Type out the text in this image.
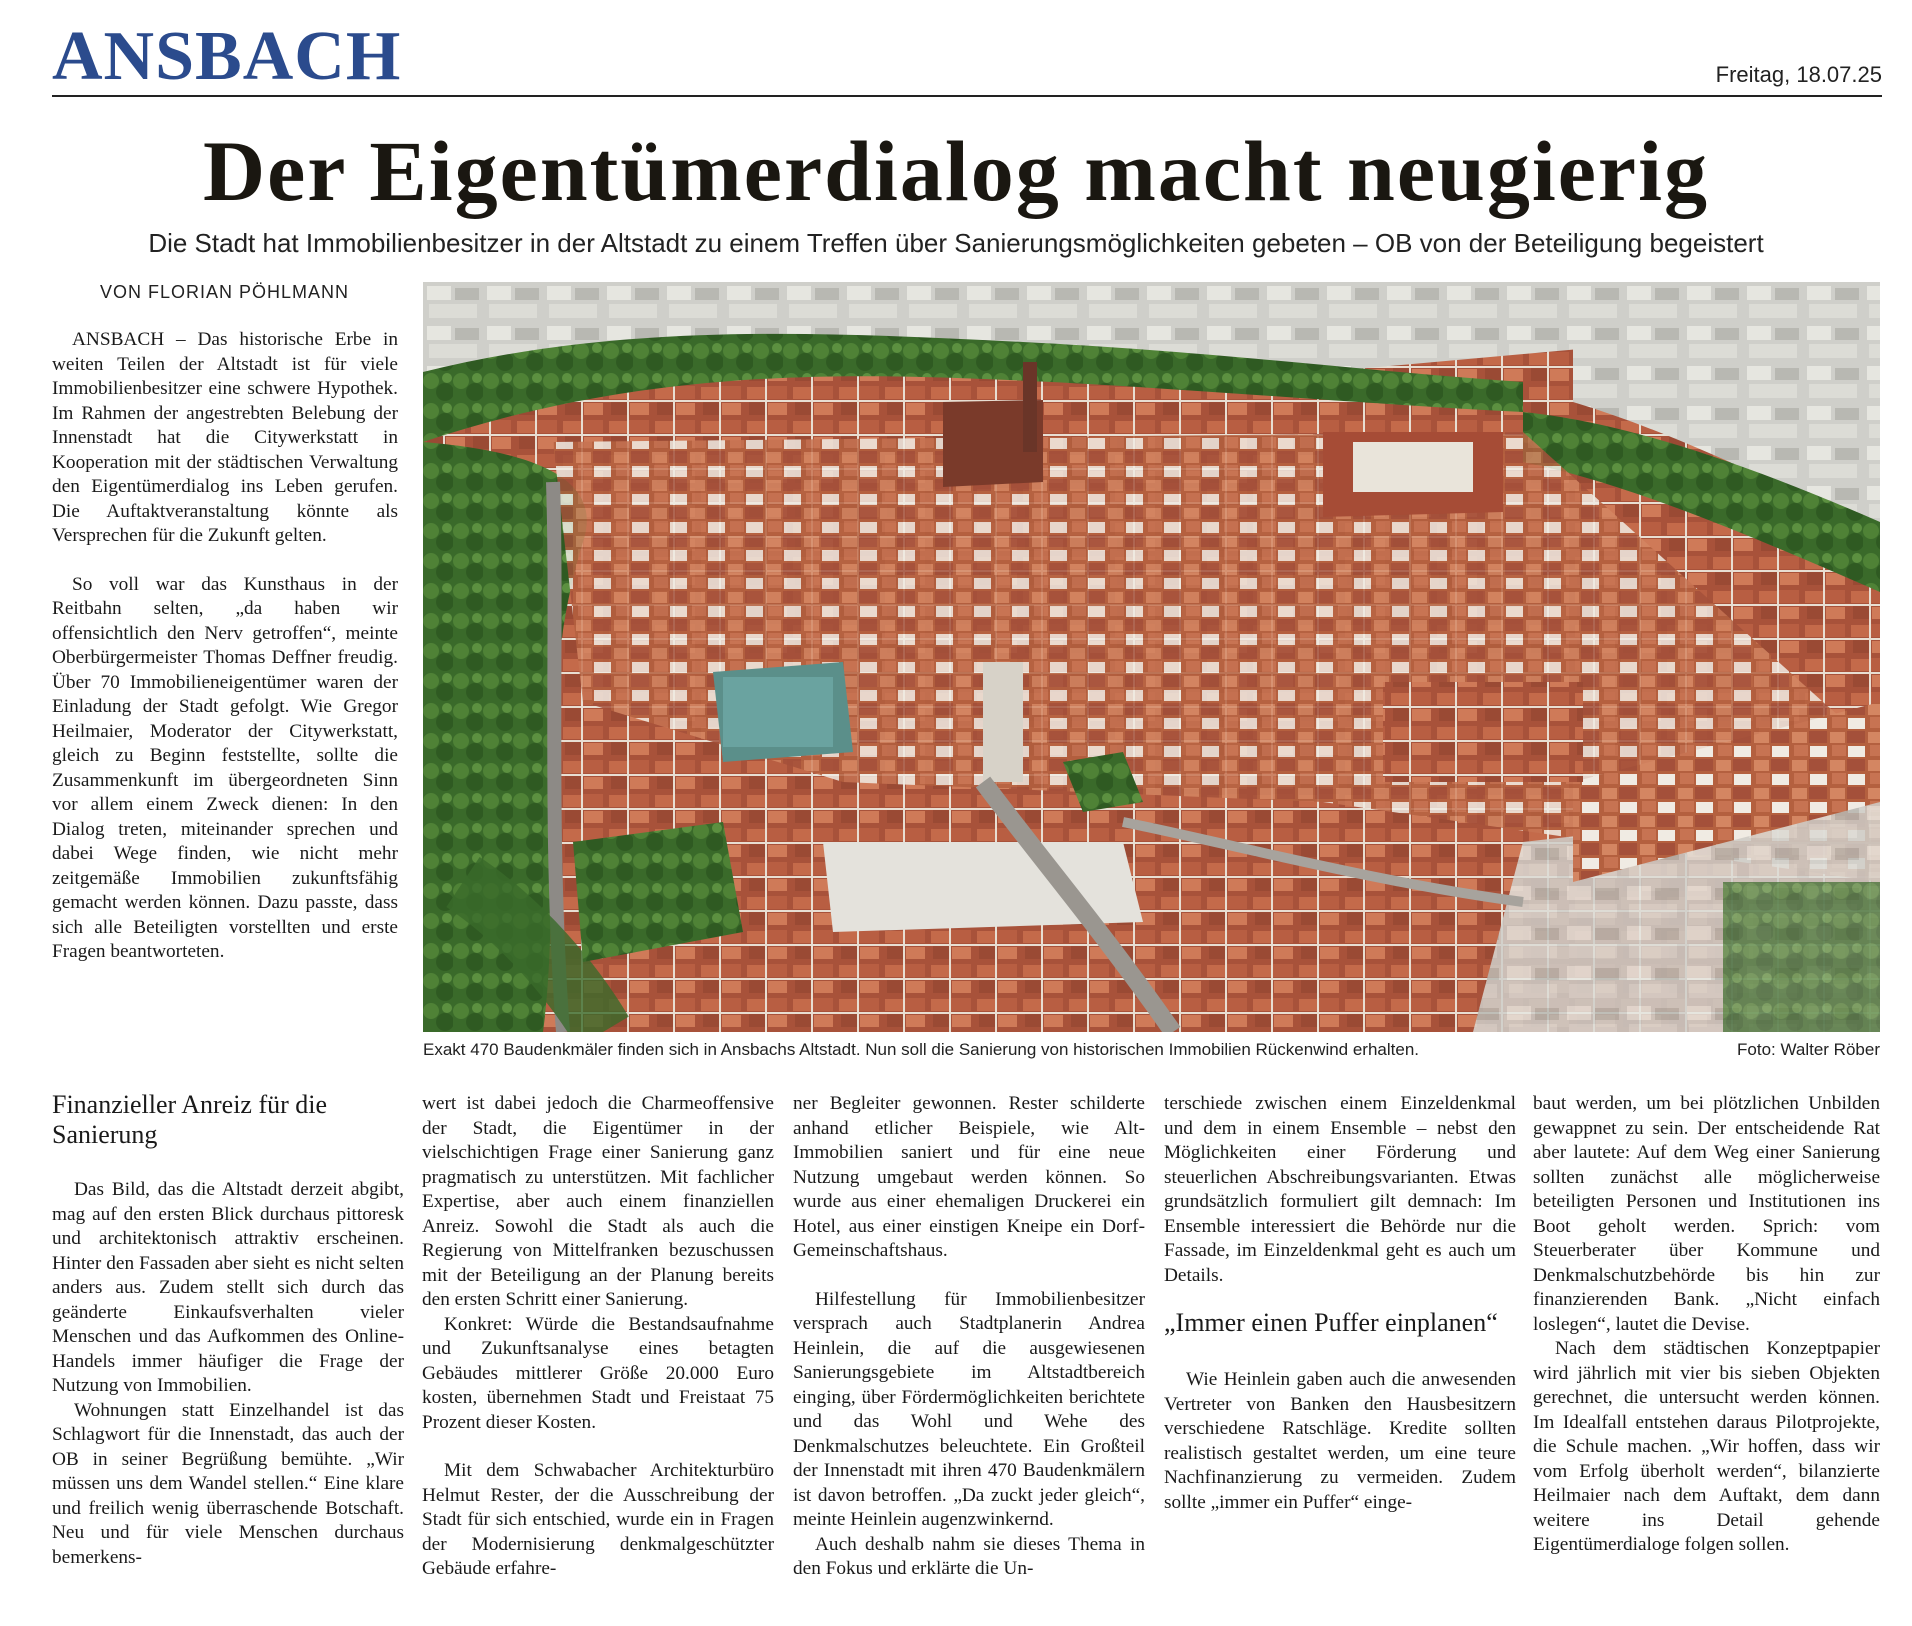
ANSBACH	Freitag, 18.07.25
Der Eigentümerdialog macht neugierig
Die Stadt hat Immobilienbesitzer in der Altstadt zu einem Treffen über Sanierungsmöglichkeiten gebeten – OB von der Beteiligung begeistert
VON FLORIAN PÖHLMANN

ANSBACH – Das historische Erbe in weiten Teilen der Altstadt ist für viele Immobilienbesitzer eine schwere Hypothek. Im Rahmen der angestrebten Belebung der Innenstadt hat die Citywerkstatt in Kooperation mit der städtischen Verwaltung den Eigentümerdialog ins Leben gerufen. Die Auftaktveranstaltung könnte als Versprechen für die Zukunft gelten.

So voll war das Kunsthaus in der Reitbahn selten, „da haben wir offensichtlich den Nerv getroffen“, meinte Oberbürgermeister Thomas Deffner freudig. Über 70 Immobilieneigentümer waren der Einladung der Stadt gefolgt. Wie Gregor Heilmaier, Moderator der Citywerkstatt, gleich zu Beginn feststellte, sollte die Zusammenkunft im übergeordneten Sinn vor allem einem Zweck dienen: In den Dialog treten, miteinander sprechen und dabei Wege finden, wie nicht mehr zeitgemäße Immobilien zukunftsfähig gemacht werden können. Dazu passte, dass sich alle Beteiligten vorstellten und erste Fragen beantworteten.

Exakt 470 Baudenkmäler finden sich in Ansbachs Altstadt. Nun soll die Sanierung von historischen Immobilien Rückenwind erhalten.	Foto: Walter Röber
Finanzieller Anreiz für die Sanierung

Das Bild, das die Altstadt derzeit abgibt, mag auf den ersten Blick durchaus pittoresk und architektonisch attraktiv erscheinen. Hinter den Fassaden aber sieht es nicht selten anders aus. Zudem stellt sich durch das geänderte Einkaufsverhalten vieler Menschen und das Aufkommen des Online-Handels immer häufiger die Frage der Nutzung von Immobilien.

Wohnungen statt Einzelhandel ist das Schlagwort für die Innenstadt, das auch der OB in seiner Begrüßung bemühte. „Wir müssen uns dem Wandel stellen.“ Eine klare und freilich wenig überraschende Botschaft. Neu und für viele Menschen durchaus bemerkens-

wert ist dabei jedoch die Charmeoffensive der Stadt, die Eigentümer in der vielschichtigen Frage einer Sanierung ganz pragmatisch zu unterstützen. Mit fachlicher Expertise, aber auch einem finanziellen Anreiz. Sowohl die Stadt als auch die Regierung von Mittelfranken bezuschussen mit der Beteiligung an der Planung bereits den ersten Schritt einer Sanierung.

Konkret: Würde die Bestandsaufnahme und Zukunftsanalyse eines betagten Gebäudes mittlerer Größe 20.000 Euro kosten, übernehmen Stadt und Freistaat 75 Prozent dieser Kosten.

Mit dem Schwabacher Architekturbüro Helmut Rester, der die Ausschreibung der Stadt für sich entschied, wurde ein in Fragen der Modernisierung denkmalgeschützter Gebäude erfahre-

ner Begleiter gewonnen. Rester schilderte anhand etlicher Beispiele, wie Alt-Immobilien saniert und für eine neue Nutzung umgebaut werden können. So wurde aus einer ehemaligen Druckerei ein Hotel, aus einer einstigen Kneipe ein Dorf-Gemeinschaftshaus.

Hilfestellung für Immobilienbesitzer versprach auch Stadtplanerin Andrea Heinlein, die auf die ausgewiesenen Sanierungsgebiete im Altstadtbereich einging, über Fördermöglichkeiten berichtete und das Wohl und Wehe des Denkmalschutzes beleuchtete. Ein Großteil der Innenstadt mit ihren 470 Baudenkmälern ist davon betroffen. „Da zuckt jeder gleich“, meinte Heinlein augenzwinkernd.

Auch deshalb nahm sie dieses Thema in den Fokus und erklärte die Un-

terschiede zwischen einem Einzeldenkmal und dem in einem Ensemble – nebst den Möglichkeiten einer Förderung und steuerlichen Abschreibungsvarianten. Etwas grundsätzlich formuliert gilt demnach: Im Ensemble interessiert die Behörde nur die Fassade, im Einzeldenkmal geht es auch um Details.

„Immer einen Puffer einplanen“

Wie Heinlein gaben auch die anwesenden Vertreter von Banken den Hausbesitzern verschiedene Ratschläge. Kredite sollten realistisch gestaltet werden, um eine teure Nachfinanzierung zu vermeiden. Zudem sollte „immer ein Puffer“ einge-

baut werden, um bei plötzlichen Unbilden gewappnet zu sein. Der entscheidende Rat aber lautete: Auf dem Weg einer Sanierung sollten zunächst alle möglicherweise beteiligten Personen und Institutionen ins Boot geholt werden. Sprich: vom Steuerberater über Kommune und Denkmalschutzbehörde bis hin zur finanzierenden Bank. „Nicht einfach loslegen“, lautet die Devise.

Nach dem städtischen Konzeptpapier wird jährlich mit vier bis sieben Objekten gerechnet, die untersucht werden können. Im Idealfall entstehen daraus Pilotprojekte, die Schule machen. „Wir hoffen, dass wir vom Erfolg überholt werden“, bilanzierte Heilmaier nach dem Auftakt, dem dann weitere ins Detail gehende Eigentümerdialoge folgen sollen.
